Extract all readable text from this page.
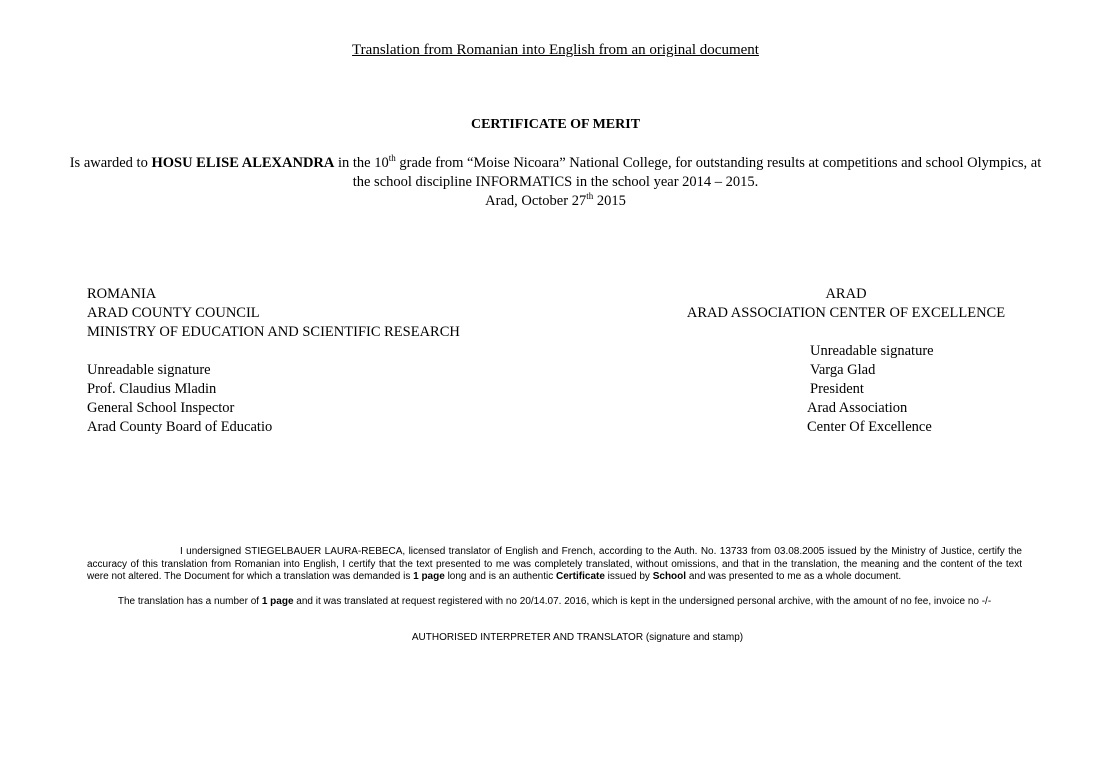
Translation from Romanian into English from an original document
CERTIFICATE OF MERIT
Is awarded to HOSU ELISE ALEXANDRA in the 10th grade from “Moise Nicoara” National College, for outstanding results at competitions and school Olympics, at the school discipline INFORMATICS in the school year 2014 – 2015.
Arad, October 27th 2015
ROMANIA
ARAD COUNTY COUNCIL
MINISTRY OF EDUCATION AND SCIENTIFIC RESEARCH
Unreadable signature
Prof. Claudius Mladin
General School Inspector
Arad County Board of Educatio
ARAD
ARAD ASSOCIATION CENTER OF EXCELLENCE
Unreadable signature
Varga Glad
President
Arad Association
Center Of Excellence
I undersigned STIEGELBAUER LAURA-REBECA, licensed translator of English and French, according to the Auth. No. 13733 from 03.08.2005 issued by the Ministry of Justice, certify the accuracy of this translation from Romanian into English, I certify that the text presented to me was completely translated, without omissions, and that in the translation, the meaning and the content of the text were not altered. The Document for which a translation was demanded is 1 page long and is an authentic Certificate issued by School and was presented to me as a whole document.
The translation has a number of 1 page and it was translated at request registered with no 20/14.07. 2016, which is kept in the undersigned personal archive, with the amount of no fee, invoice no -/-
AUTHORISED INTERPRETER AND TRANSLATOR (signature and stamp)
